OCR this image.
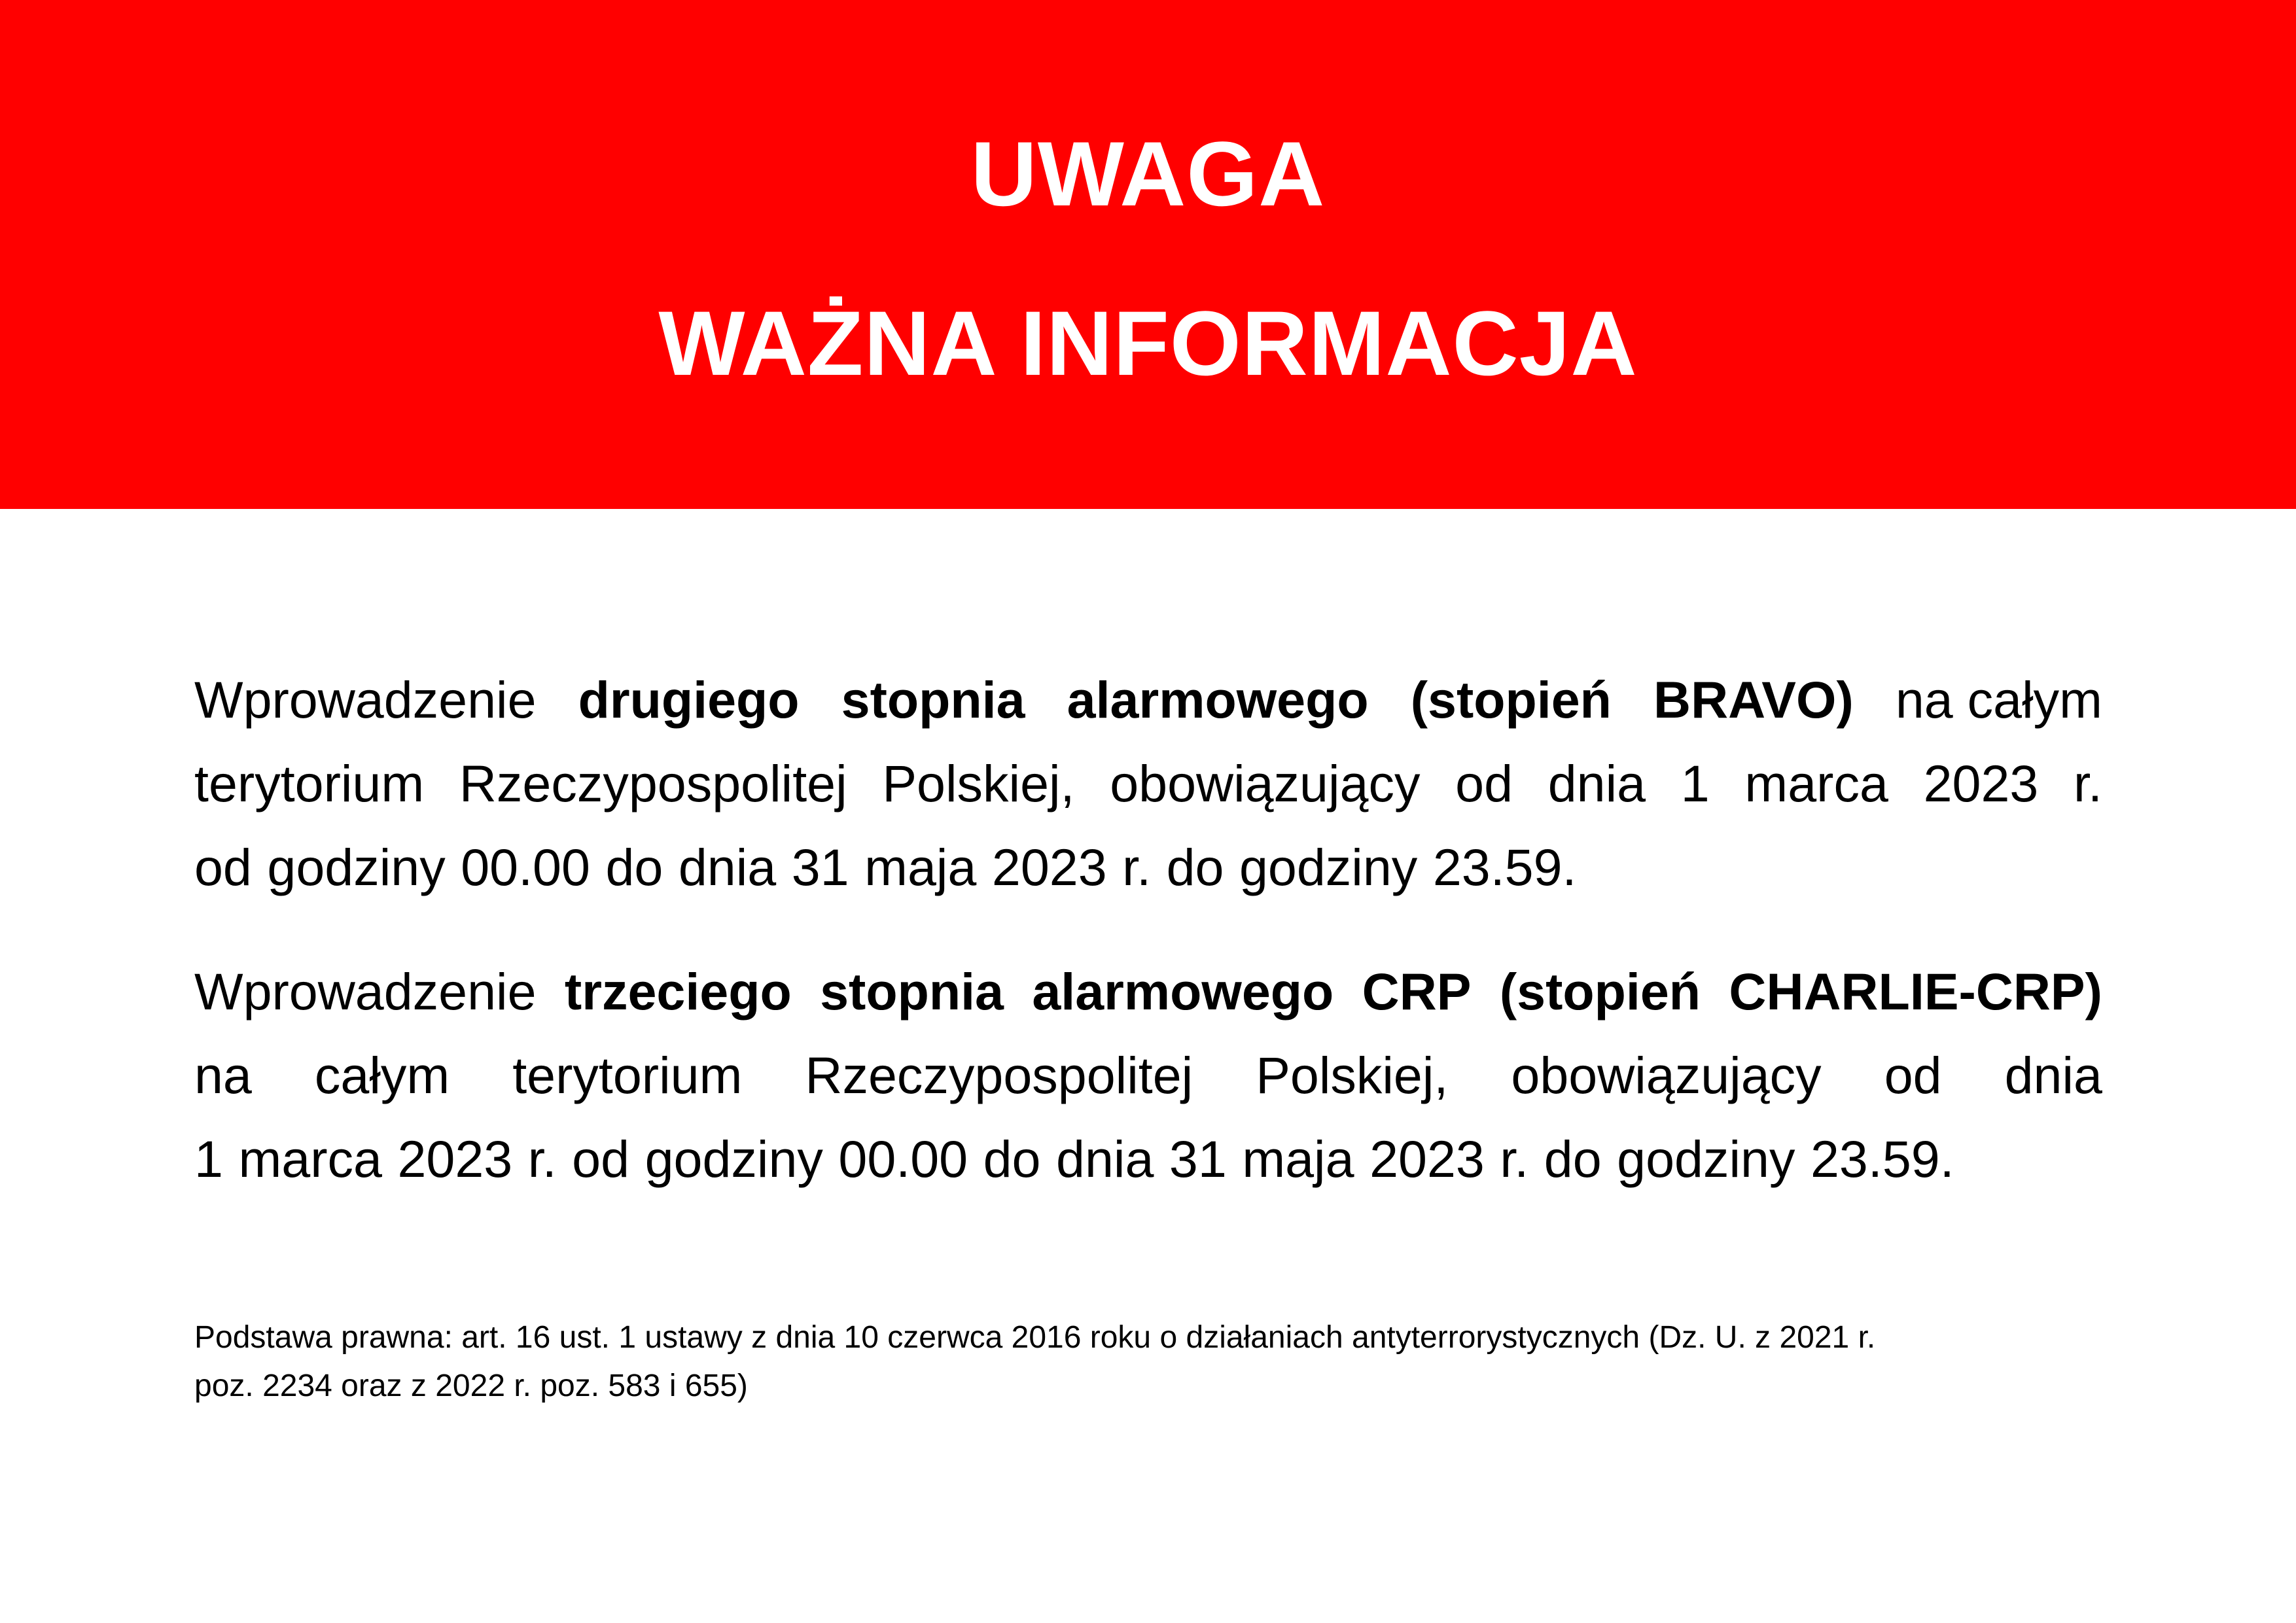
UWAGA
WAŻNA INFORMACJA
Wprowadzenie drugiego stopnia alarmowego (stopień BRAVO) na całym
terytorium Rzeczypospolitej Polskiej, obowiązujący od dnia 1 marca 2023 r.
od godziny 00.00 do dnia 31 maja 2023 r. do godziny 23.59.
Wprowadzenie trzeciego stopnia alarmowego CRP (stopień CHARLIE-CRP)
na całym terytorium Rzeczypospolitej Polskiej, obowiązujący od dnia
1 marca 2023 r. od godziny 00.00 do dnia 31 maja 2023 r. do godziny 23.59.
Podstawa prawna: art. 16 ust. 1 ustawy z dnia 10 czerwca 2016 roku o działaniach antyterrorystycznych (Dz. U. z 2021 r.
poz. 2234 oraz z 2022 r. poz. 583 i 655)
